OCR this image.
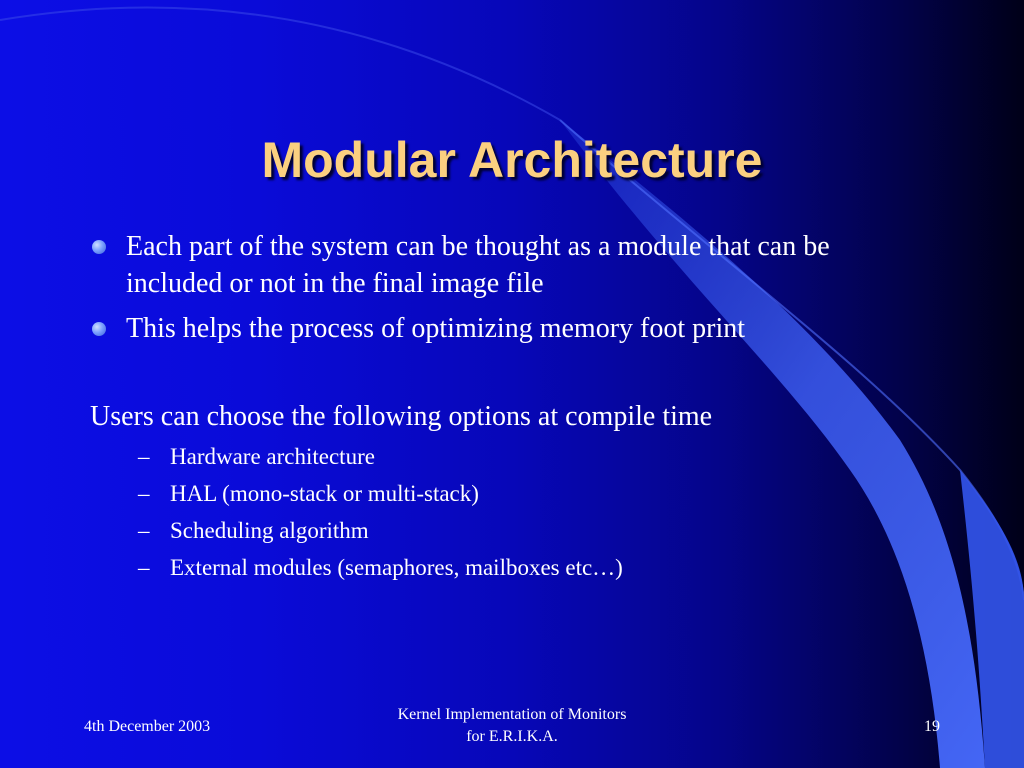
Modular Architecture
Each part of the system can be thought as a module that can be included or not in the final image file
This helps the process of optimizing memory foot print

Users can choose the following options at compile time

– Hardware architecture
– HAL (mono-stack or multi-stack)
– Scheduling algorithm
– External modules (semaphores, mailboxes etc…)
4th December 2003
Kernel Implementation of Monitors
for E.R.I.K.A.
19
